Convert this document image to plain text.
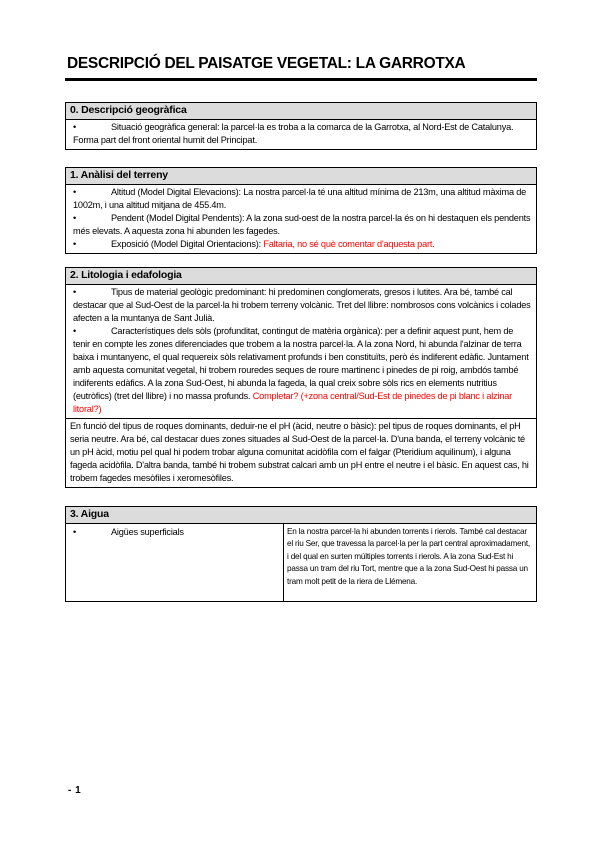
DESCRIPCIÓ DEL PAISATGE VEGETAL: LA GARROTXA
0. Descripció geogràfica

•	Situació geogràfica general: la parcel·la es troba a la comarca de la Garrotxa, al Nord-Est de Catalunya. Forma part del front oriental humit del Principat.

1. Anàlisi del terreny

•	Altitud (Model Digital Elevacions): La nostra parcel·la té una altitud mínima de 213m, una altitud màxima de 1002m, i una altitud mitjana de 455.4m.

•	Pendent (Model Digital Pendents): A la zona sud-oest de la nostra parcel·la és on hi destaquen els pendents més elevats. A aquesta zona hi abunden les fagedes.

•	Exposició (Model Digital Orientacions): Faltaria, no sé què comentar d'aquesta part.

2. Litologia i edafologia

•	Tipus de material geològic predominant: hi predominen conglomerats, gresos i lutites. Ara bé, també cal destacar que al Sud-Oest de la parcel·la hi trobem terreny volcànic. Tret del llibre: nombrosos cons volcànics i colades afecten a la muntanya de Sant Julià.

•	Característiques dels sòls (profunditat, contingut de matèria orgànica): per a definir aquest punt, hem de tenir en compte les zones diferenciades que trobem a la nostra parcel·la. A la zona Nord, hi abunda l'alzinar de terra baixa i muntanyenc, el qual requereix sòls relativament profunds i ben constituïts, però és indiferent edàfic. Juntament amb aquesta comunitat vegetal, hi trobem rouredes seques de roure martinenc i pinedes de pi roig, ambdós també indiferents edàfics. A la zona Sud-Oest, hi abunda la fageda, la qual creix sobre sòls rics en elements nutritius (eutròfics) (tret del llibre) i no massa profunds. Completar? (+zona central/Sud-Est de pinedes de pi blanc i alzinar litoral?)

En funció del tipus de roques dominants, deduir-ne el pH (àcid, neutre o bàsic): pel tipus de roques dominants, el pH seria neutre. Ara bé, cal destacar dues zones situades al Sud-Oest de la parcel·la. D'una banda, el terreny volcànic té un pH àcid, motiu pel qual hi podem trobar alguna comunitat acidòfila com el falgar (Pteridium aquilinum), i alguna fageda acidòfila. D'altra banda, també hi trobem substrat calcari amb un pH entre el neutre i el bàsic. En aquest cas, hi trobem fagedes mesòfiles i xeromesòfiles.

3. Aigua
•	Aigües superficials	En la nostra parcel·la hi abunden torrents i rierols. També cal destacar el riu Ser, que travessa la parcel·la per la part central aproximadament, i del qual en surten múltiples torrents i rierols. A la zona Sud-Est hi passa un tram del riu Tort, mentre que a la zona Sud-Oest hi passa un tram molt petit de la riera de Llémena.
- 1
